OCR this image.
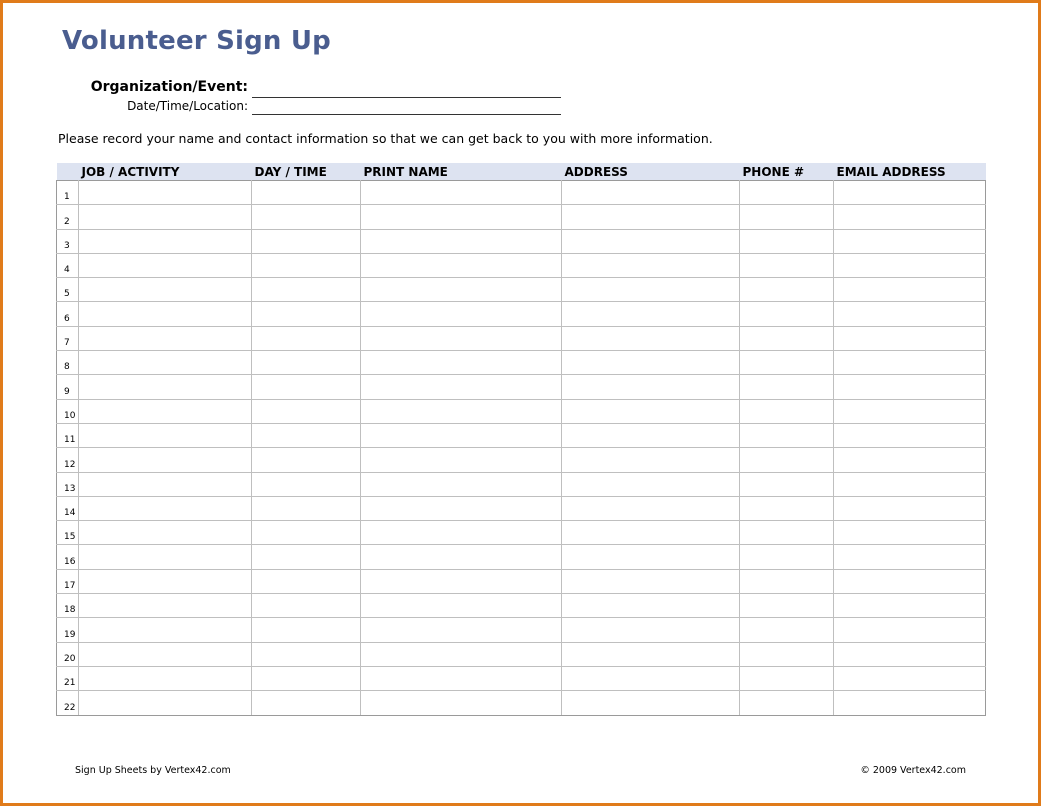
Volunteer Sign Up
Organization/Event:
Date/Time/Location:
Please record your name and contact information so that we can get back to you with more information.
	JOB / ACTIVITY	DAY / TIME	PRINT NAME	ADDRESS	PHONE #	EMAIL ADDRESS
1						
2						
3						
4						
5						
6						
7						
8						
9						
10						
11						
12						
13						
14						
15						
16						
17						
18						
19						
20						
21						
22						
Sign Up Sheets by Vertex42.com	© 2009 Vertex42.com
